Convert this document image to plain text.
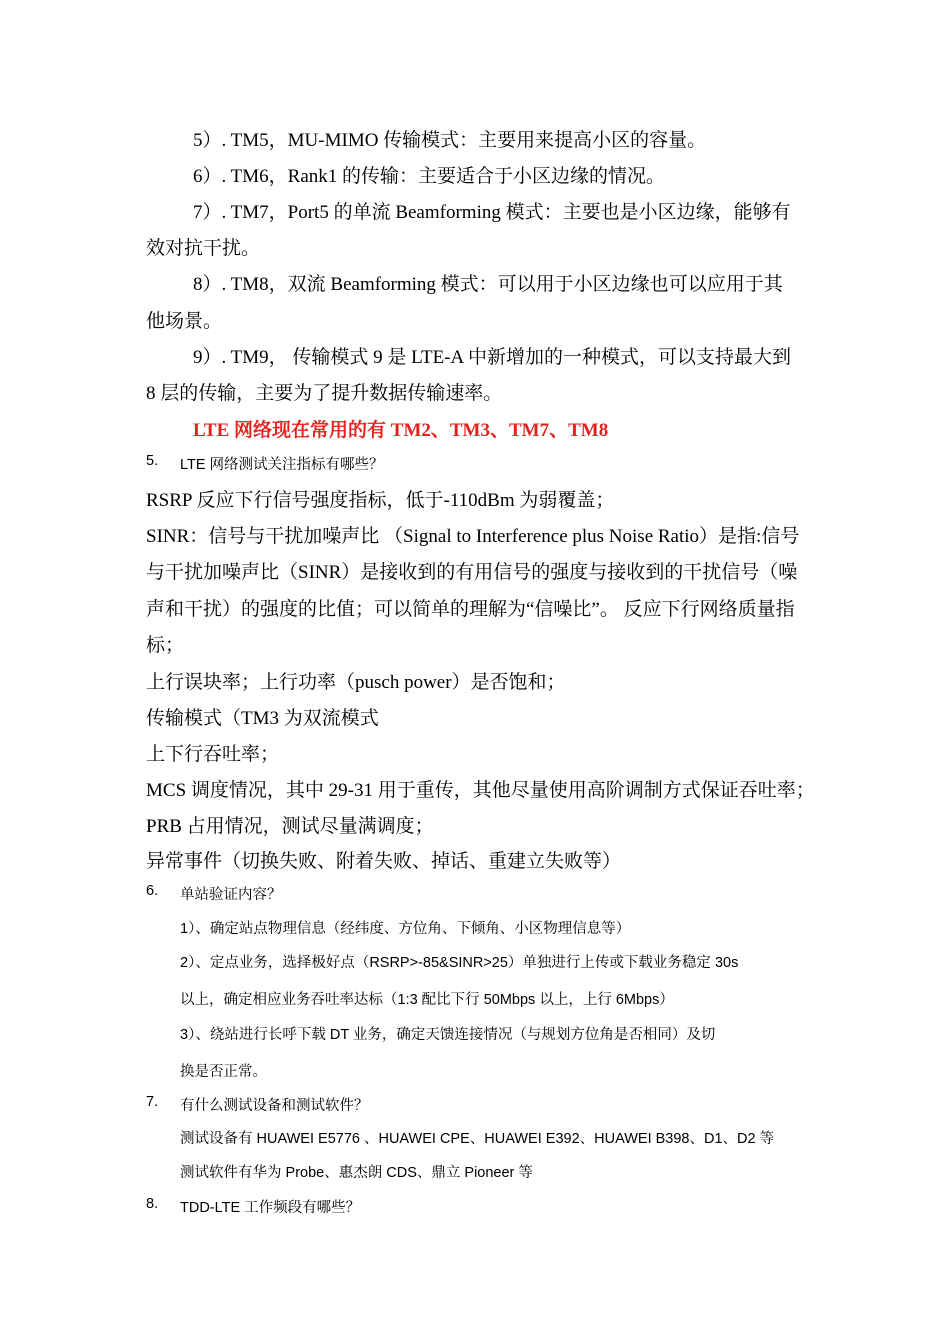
5）. TM5，MU-MIMO 传输模式：主要用来提高小区的容量。
6）. TM6，Rank1 的传输：主要适合于小区边缘的情况。
7）. TM7，Port5 的单流 Beamforming 模式：主要也是小区边缘，能够有
效对抗干扰。
8）. TM8，双流 Beamforming 模式：可以用于小区边缘也可以应用于其
他场景。
9）. TM9， 传输模式 9 是 LTE-A 中新增加的一种模式，可以支持最大到
8 层的传输，主要为了提升数据传输速率。
LTE 网络现在常用的有 TM2、TM3、TM7、TM8
5. LTE 网络测试关注指标有哪些？
RSRP 反应下行信号强度指标，低于-110dBm 为弱覆盖；
SINR：信号与干扰加噪声比 （Signal to Interference plus Noise Ratio）是指:信号
与干扰加噪声比（SINR）是接收到的有用信号的强度与接收到的干扰信号（噪
声和干扰）的强度的比值；可以简单的理解为“信噪比”。 反应下行网络质量指
标；
上行误块率；上行功率（pusch power）是否饱和；
传输模式（TM3 为双流模式
上下行吞吐率；
MCS 调度情况，其中 29-31 用于重传，其他尽量使用高阶调制方式保证吞吐率；
PRB 占用情况，测试尽量满调度；
异常事件（切换失败、附着失败、掉话、重建立失败等）
6. 单站验证内容？
1）、确定站点物理信息（经纬度、方位角、下倾角、小区物理信息等）
2）、定点业务，选择极好点（RSRP>-85&SINR>25）单独进行上传或下载业务稳定 30s
以上，确定相应业务吞吐率达标（1:3 配比下行 50Mbps 以上，上行 6Mbps）
3）、绕站进行长呼下载 DT 业务，确定天馈连接情况（与规划方位角是否相同）及切
换是否正常。
7. 有什么测试设备和测试软件？
测试设备有 HUAWEI E5776 、HUAWEI CPE、HUAWEI E392、HUAWEI B398、D1、D2 等
测试软件有华为 Probe、惠杰朗 CDS、鼎立 Pioneer 等
8. TDD-LTE 工作频段有哪些？
